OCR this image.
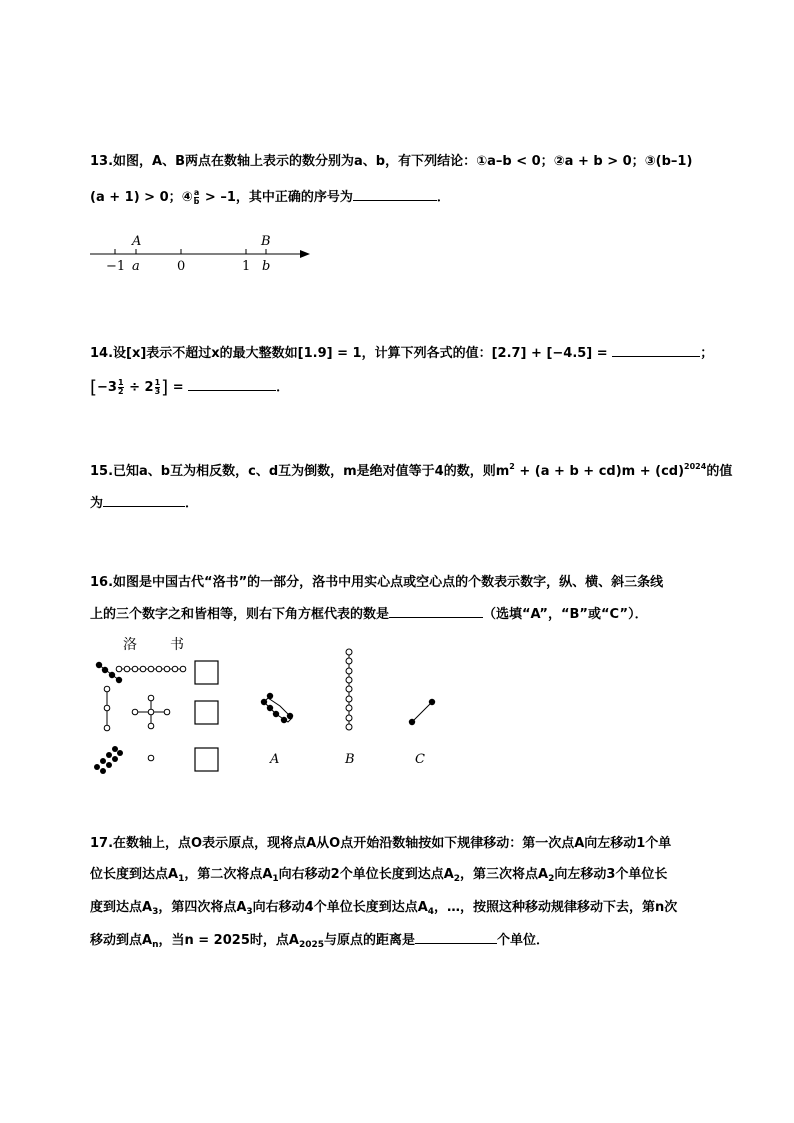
13.如图，A、B两点在数轴上表示的数分别为a、b，有下列结论：①a–b < 0；②a + b > 0；③(b–1)
(a + 1) > 0；④ $\frac{a}{b} > -1$，其中正确的序号为	．
A	B
−1 a	0	1 b
14.设[x]表示不超过x的最大整数如[1.9] = 1，计算下列各式的值：[2.7] + [−4.5] =	；
[$-3 \frac{1}{2} \div 2 \frac{1}{3}$ ] =	．
15.已知a、b互为相反数，c、d互为倒数，m是绝对值等于4的数，则$m^2 + (a + b + cd)m + (cd)^{2024}$的值
为	．
16.如图是中国古代“洛书”的一部分，洛书中用实心点或空心点的个数表示数字，纵、横、斜三条线
上的三个数字之和皆相等，则右下角方框代表的数是	（选填“A”，“B”或“C”）．
洛 书
A	B	C
17.在数轴上，点O表示原点，现将点A从O点开始沿数轴按如下规律移动：第一次点A向左移动1个单
位长度到达点$A_1$，第二次将点$A_1$向右移动2个单位长度到达点$A_2$，第三次将点$A_2$向左移动3个单位长
度到达点$A_3$，第四次将点$A_3$向右移动4个单位长度到达点$A_4$，…，按照这种移动规律移动下去，第n次
移动到点$A_n$，当n = 2025时，点$A_{2025}$与原点的距离是	个单位．
